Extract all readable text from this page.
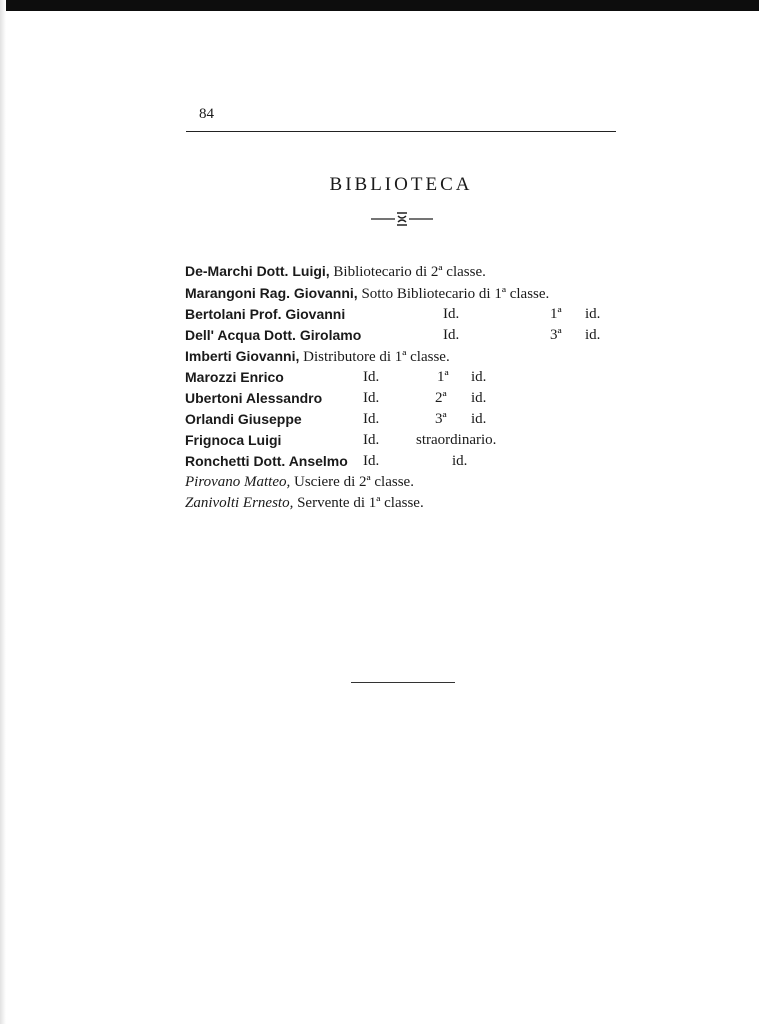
84
BIBLIOTECA
De-Marchi Dott. Luigi, Bibliotecario di 2ª classe.
Marangoni Rag. Giovanni, Sotto Bibliotecario di 1ª classe.
Bertolani Prof. Giovanni	Id.	1ª id.
Dell' Acqua Dott. Girolamo	Id.	3ª id.
Imberti Giovanni, Distributore di 1ª classe.
Marozzi Enrico	Id.	1ª id.
Ubertoni Alessandro	Id.	2ª id.
Orlandi Giuseppe	Id.	3ª id.
Frignoca Luigi	Id. straordinario.
Ronchetti Dott. Anselmo Id.	id.
Pirovano Matteo, Usciere di 2ª classe.
Zanivolti Ernesto, Servente di 1ª classe.
